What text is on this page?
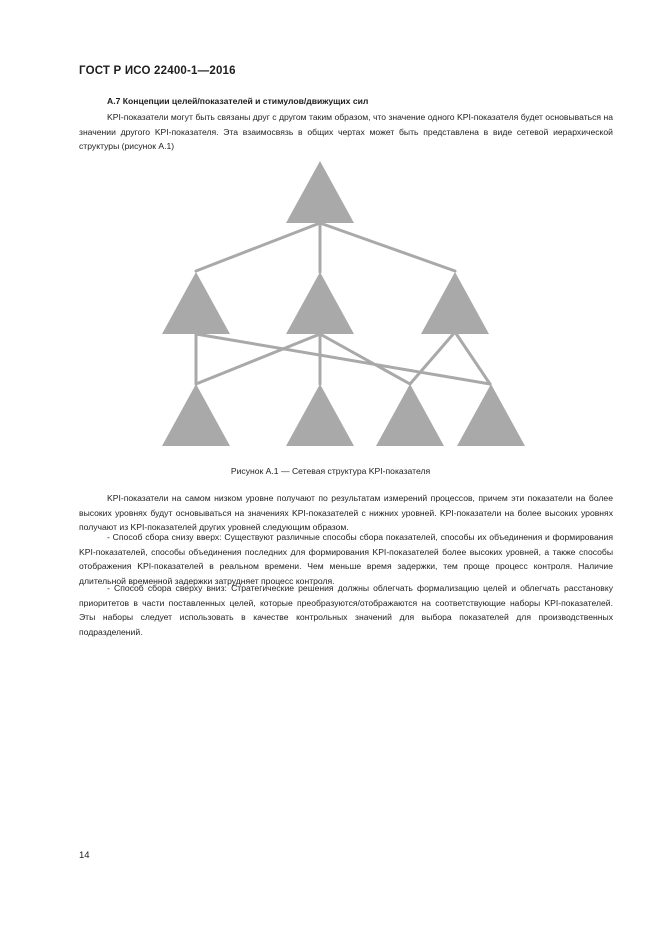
ГОСТ Р ИСО 22400-1—2016
А.7 Концепции целей/показателей и стимулов/движущих сил

KPI-показатели могут быть связаны друг с другом таким образом, что значение одного KPI-показателя будет основываться на значении другого KPI-показателя. Эта взаимосвязь в общих чертах может быть представлена в виде сетевой иерархической структуры (рисунок А.1)

Рисунок А.1 — Сетевая структура KPI-показателя

KPI-показатели на самом низком уровне получают по результатам измерений процессов, причем эти показатели на более высоких уровнях будут основываться на значениях KPI-показателей с нижних уровней. KPI-показатели на более высоких уровнях получают из KPI-показателей других уровней следующим образом.

- Способ сбора снизу вверх: Существуют различные способы сбора показателей, способы их объединения и формирования KPI-показателей, способы объединения последних для формирования KPI-показателей более высоких уровней, а также способы отображения KPI-показателей в реальном времени. Чем меньше время задержки, тем проще процесс контроля. Наличие длительной временной задержки затрудняет процесс контроля.

- Способ сбора сверху вниз: Стратегические решения должны облегчать формализацию целей и облегчать расстановку приоритетов в части поставленных целей, которые преобразуются/отображаются на соответствующие наборы KPI-показателей. Эты наборы следует использовать в качестве контрольных значений для выбора показателей для производственных подразделений.

14
